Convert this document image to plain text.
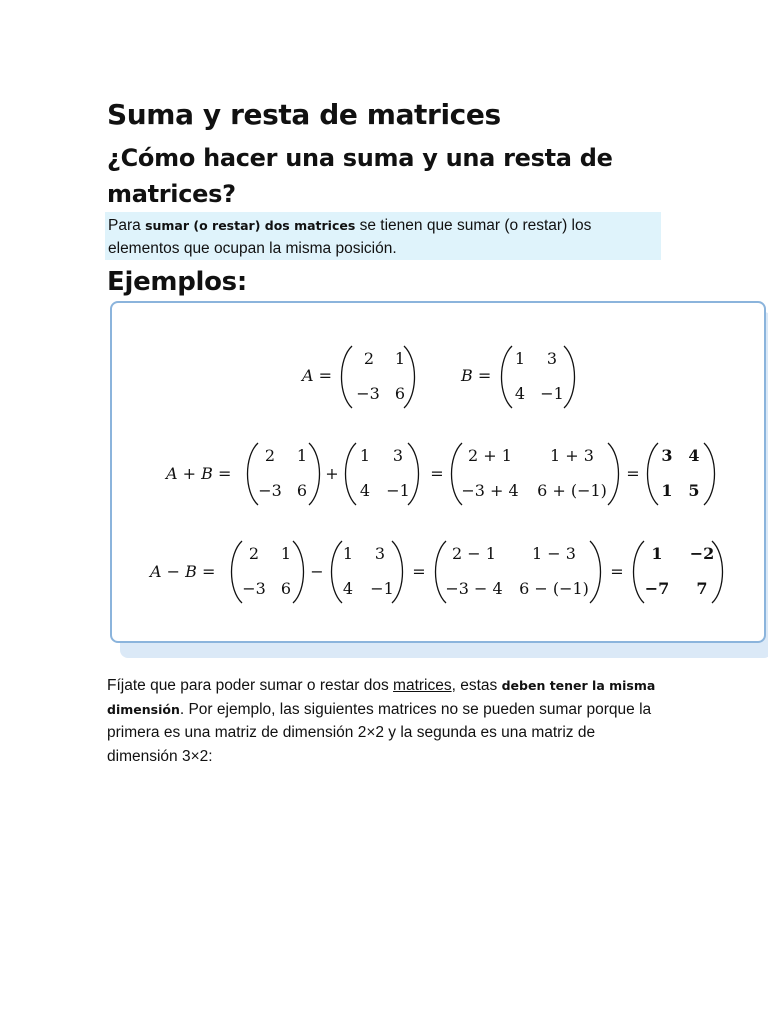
Suma y resta de matrices
¿Cómo hacer una suma y una resta de matrices?

Para sumar (o restar) dos matrices se tienen que sumar (o restar) los elementos que ocupan la misma posición.

Ejemplos:
A =
2 1
−3 6
B =
1 3
4 −1
A + B =
2 1
−3 6
+
1 3
4 −1
=
2 + 1 1 + 3
−3 + 4 6 + (−1)
=
3 4
1 5
A − B =
2 1
−3 6
−
1 3
4 −1
=
2 − 1 1 − 3
−3 − 4 6 − (−1)
=
1 −2
−7 7

Fíjate que para poder sumar o restar dos matrices, estas deben tener la misma dimensión. Por ejemplo, las siguientes matrices no se pueden sumar porque la primera es una matriz de dimensión 2×2 y la segunda es una matriz de dimensión 3×2:
